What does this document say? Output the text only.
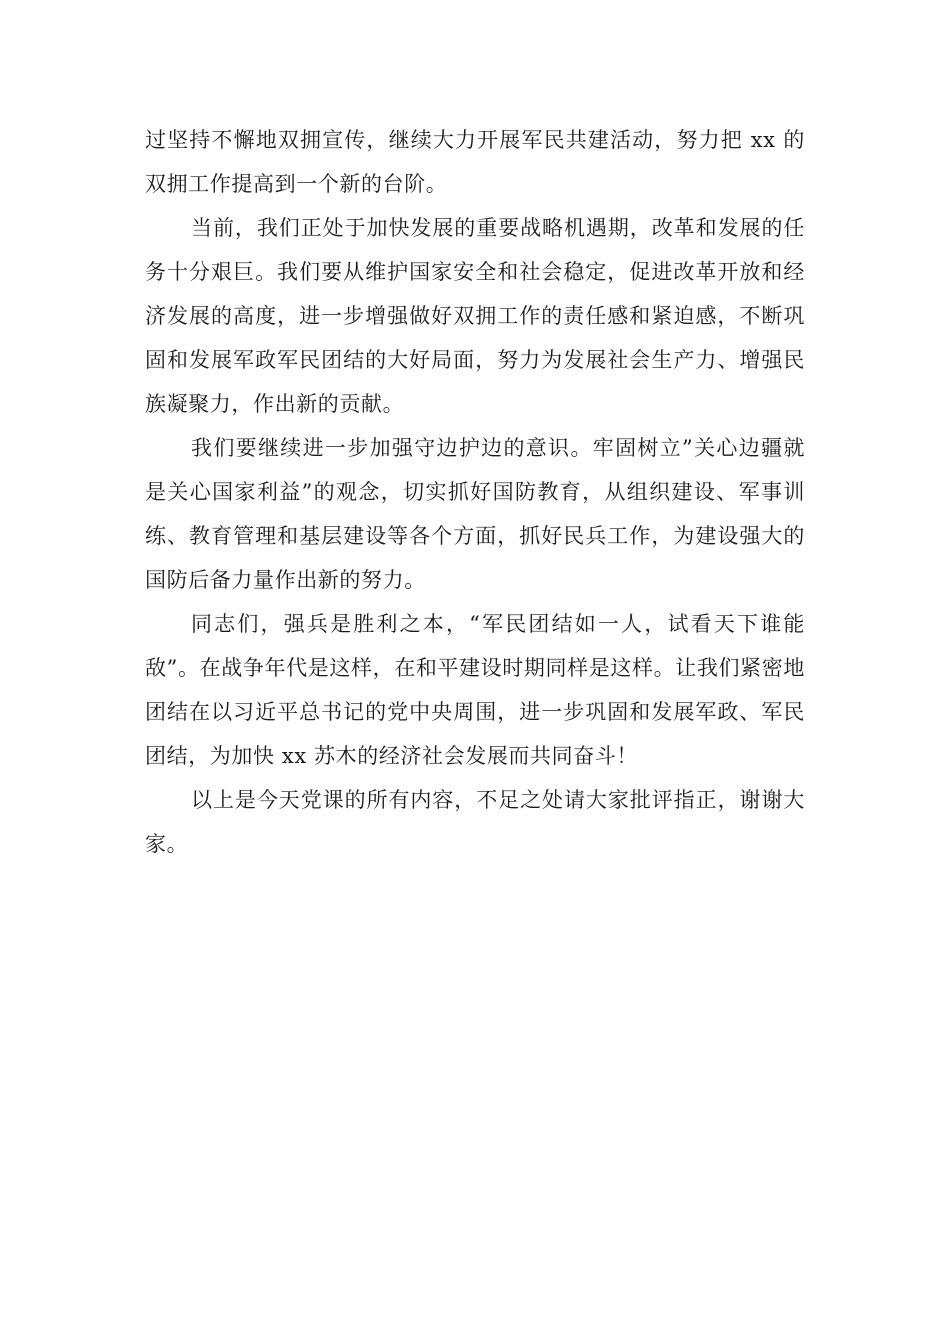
过坚持不懈地双拥宣传，继续大力开展军民共建活动，努力把 xx 的双拥工作提高到一个新的台阶。

当前，我们正处于加快发展的重要战略机遇期，改革和发展的任务十分艰巨。我们要从维护国家安全和社会稳定，促进改革开放和经济发展的高度，进一步增强做好双拥工作的责任感和紧迫感，不断巩固和发展军政军民团结的大好局面，努力为发展社会生产力、增强民族凝聚力，作出新的贡献。

我们要继续进一步加强守边护边的意识。牢固树立”关心边疆就是关心国家利益”的观念，切实抓好国防教育，从组织建设、军事训练、教育管理和基层建设等各个方面，抓好民兵工作，为建设强大的国防后备力量作出新的努力。

同志们，强兵是胜利之本，“军民团结如一人，试看天下谁能敌”。在战争年代是这样，在和平建设时期同样是这样。让我们紧密地团结在以习近平总书记的党中央周围，进一步巩固和发展军政、军民团结，为加快 xx 苏木的经济社会发展而共同奋斗！

以上是今天党课的所有内容，不足之处请大家批评指正，谢谢大家。
